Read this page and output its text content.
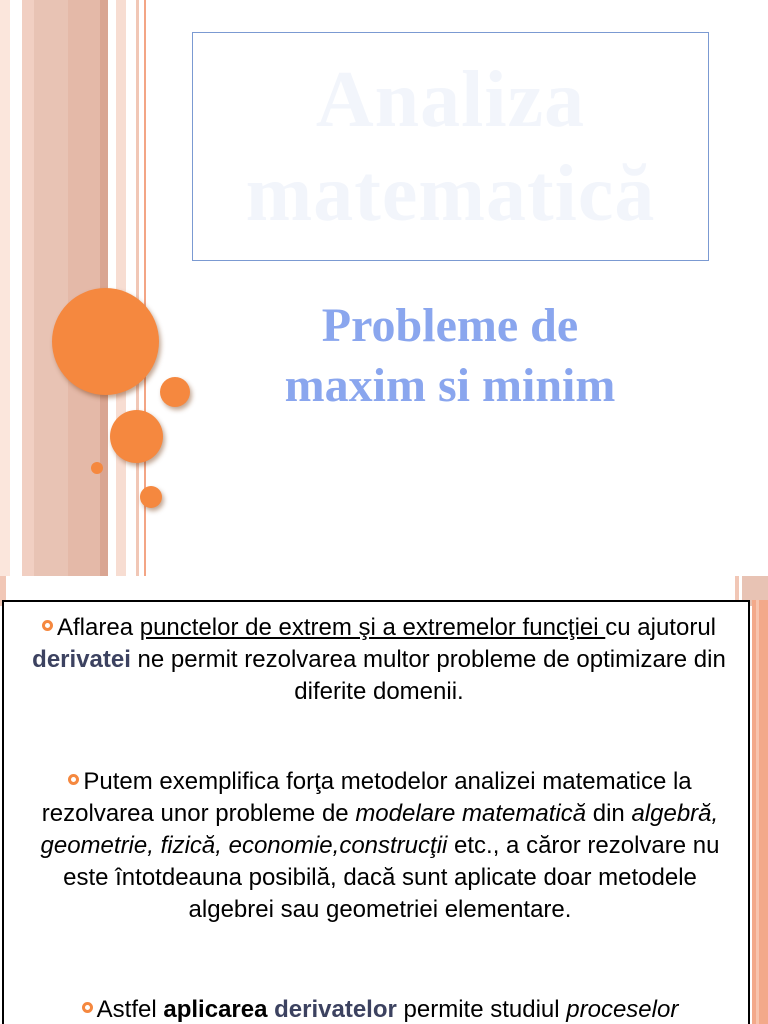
Analiza matematică
Probleme de
maxim si minim
Aflarea punctelor de extrem şi a extremelor funcţiei cu ajutorul derivatei ne permit rezolvarea multor probleme de optimizare din diferite domenii.
Putem exemplifica forţa metodelor analizei matematice la rezolvarea unor probleme de modelare matematică din algebră, geometrie, fizică, economie,construcţii etc., a căror rezolvare nu este întotdeauna posibilă, dacă sunt aplicate doar metodele algebrei sau geometriei elementare.
Astfel aplicarea derivatelor permite studiul proceselor
